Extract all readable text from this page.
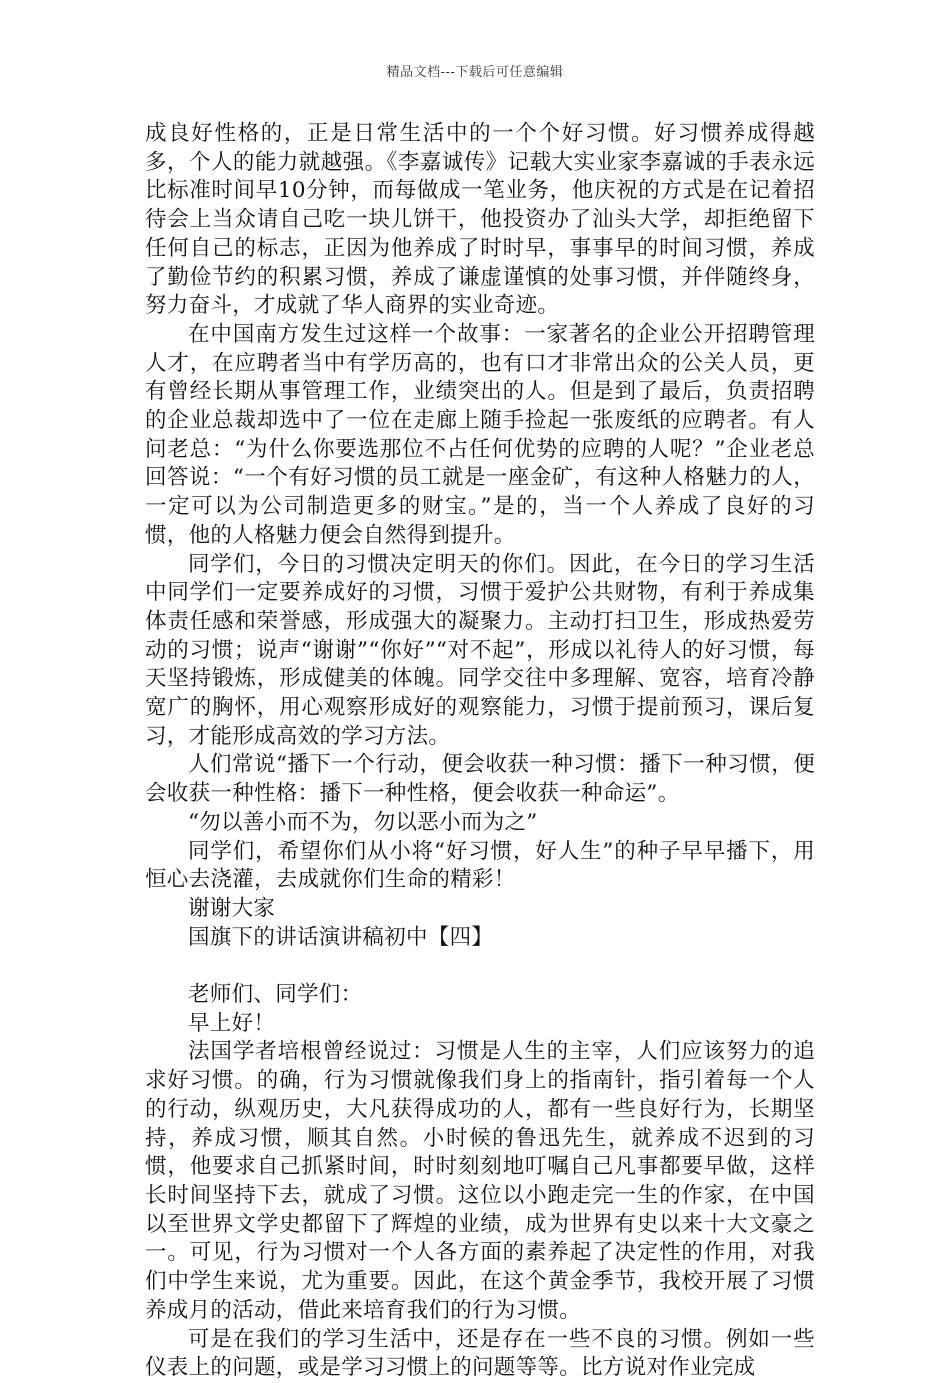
精品文档---下载后可任意编辑

成良好性格的，正是日常生活中的一个个好习惯。好习惯养成得越多，个人的能力就越强。《李嘉诚传》记载大实业家李嘉诚的手表永远比标准时间早10分钟，而每做成一笔业务，他庆祝的方式是在记着招待会上当众请自己吃一块儿饼干，他投资办了汕头大学，却拒绝留下任何自己的标志，正因为他养成了时时早，事事早的时间习惯，养成了勤俭节约的积累习惯，养成了谦虚谨慎的处事习惯，并伴随终身，努力奋斗，才成就了华人商界的实业奇迹。

在中国南方发生过这样一个故事：一家著名的企业公开招聘管理人才，在应聘者当中有学历高的，也有口才非常出众的公关人员，更有曾经长期从事管理工作，业绩突出的人。但是到了最后，负责招聘的企业总裁却选中了一位在走廊上随手捡起一张废纸的应聘者。有人问老总：“为什么你要选那位不占任何优势的应聘的人呢？”企业老总回答说：“一个有好习惯的员工就是一座金矿，有这种人格魅力的人，一定可以为公司制造更多的财宝。”是的，当一个人养成了良好的习惯，他的人格魅力便会自然得到提升。

同学们，今日的习惯决定明天的你们。因此，在今日的学习生活中同学们一定要养成好的习惯，习惯于爱护公共财物，有利于养成集体责任感和荣誉感，形成强大的凝聚力。主动打扫卫生，形成热爱劳动的习惯；说声“谢谢”“你好”“对不起”，形成以礼待人的好习惯，每天坚持锻炼，形成健美的体魄。同学交往中多理解、宽容，培育冷静宽广的胸怀，用心观察形成好的观察能力，习惯于提前预习，课后复习，才能形成高效的学习方法。

人们常说“播下一个行动，便会收获一种习惯：播下一种习惯，便会收获一种性格：播下一种性格，便会收获一种命运”。

“勿以善小而不为，勿以恶小而为之”

同学们，希望你们从小将“好习惯，好人生”的种子早早播下，用恒心去浇灌，去成就你们生命的精彩！

谢谢大家

国旗下的讲话演讲稿初中【四】

老师们、同学们：

早上好！

法国学者培根曾经说过：习惯是人生的主宰，人们应该努力的追求好习惯。的确，行为习惯就像我们身上的指南针，指引着每一个人的行动，纵观历史，大凡获得成功的人，都有一些良好行为，长期坚持，养成习惯，顺其自然。小时候的鲁迅先生，就养成不迟到的习惯，他要求自己抓紧时间，时时刻刻地叮嘱自己凡事都要早做，这样长时间坚持下去，就成了习惯。这位以小跑走完一生的作家，在中国以至世界文学史都留下了辉煌的业绩，成为世界有史以来十大文豪之一。可见，行为习惯对一个人各方面的素养起了决定性的作用，对我们中学生来说，尤为重要。因此，在这个黄金季节，我校开展了习惯养成月的活动，借此来培育我们的行为习惯。

可是在我们的学习生活中，还是存在一些不良的习惯。例如一些仪表上的问题，或是学习习惯上的问题等等。比方说对作业完成
